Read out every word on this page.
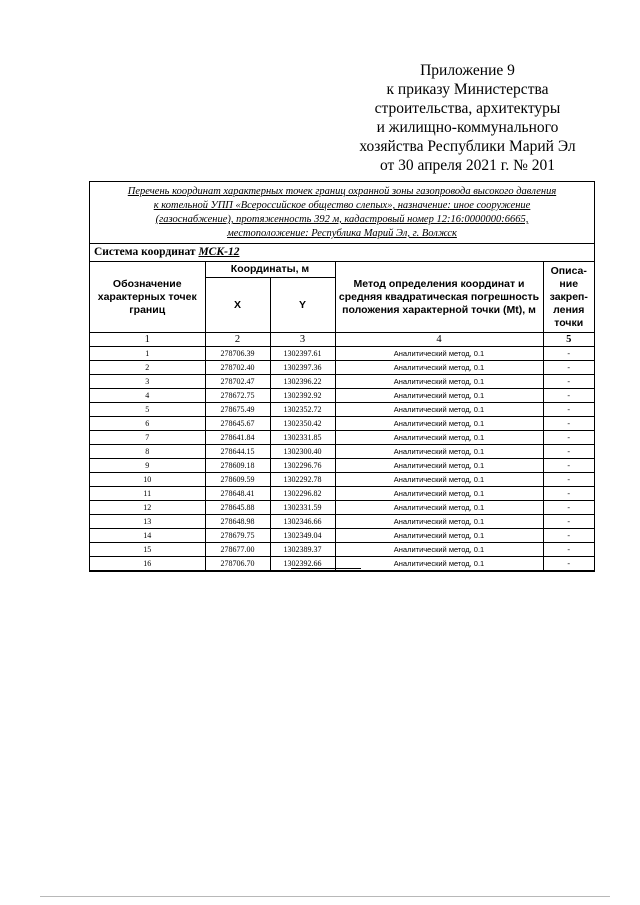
Приложение 9
к приказу Министерства
строительства, архитектуры
и жилищно-коммунального
хозяйства Республики Марий Эл
от 30 апреля 2021 г. № 201
Перечень координат характерных точек границ охранной зоны газопровода высокого давления
к котельной УПП «Всероссийское общество слепых», назначение: иное сооружение
(газоснабжение), протяженность 392 м, кадастровый номер 12:16:0000000:6665,
местоположение: Республика Марий Эл, г. Волжск
Система координат МСК-12
Обозначение характерных точек границ	Координаты, м		Метод определения координат и средняя квадратическая погрешность положения характерной точки (Mt), м	Описа-ние закреп-ления точки
	X	Y		
1	2	3	4	5
1	278706.39	1302397.61	Аналитический метод, 0.1	-
2	278702.40	1302397.36	Аналитический метод, 0.1	-
3	278702.47	1302396.22	Аналитический метод, 0.1	-
4	278672.75	1302392.92	Аналитический метод, 0.1	-
5	278675.49	1302352.72	Аналитический метод, 0.1	-
6	278645.67	1302350.42	Аналитический метод, 0.1	-
7	278641.84	1302331.85	Аналитический метод, 0.1	-
8	278644.15	1302300.40	Аналитический метод, 0.1	-
9	278609.18	1302296.76	Аналитический метод, 0.1	-
10	278609.59	1302292.78	Аналитический метод, 0.1	-
11	278648.41	1302296.82	Аналитический метод, 0.1	-
12	278645.88	1302331.59	Аналитический метод, 0.1	-
13	278648.98	1302346.66	Аналитический метод, 0.1	-
14	278679.75	1302349.04	Аналитический метод, 0.1	-
15	278677.00	1302389.37	Аналитический метод, 0.1	-
16	278706.70	1302392.66	Аналитический метод, 0.1	-
